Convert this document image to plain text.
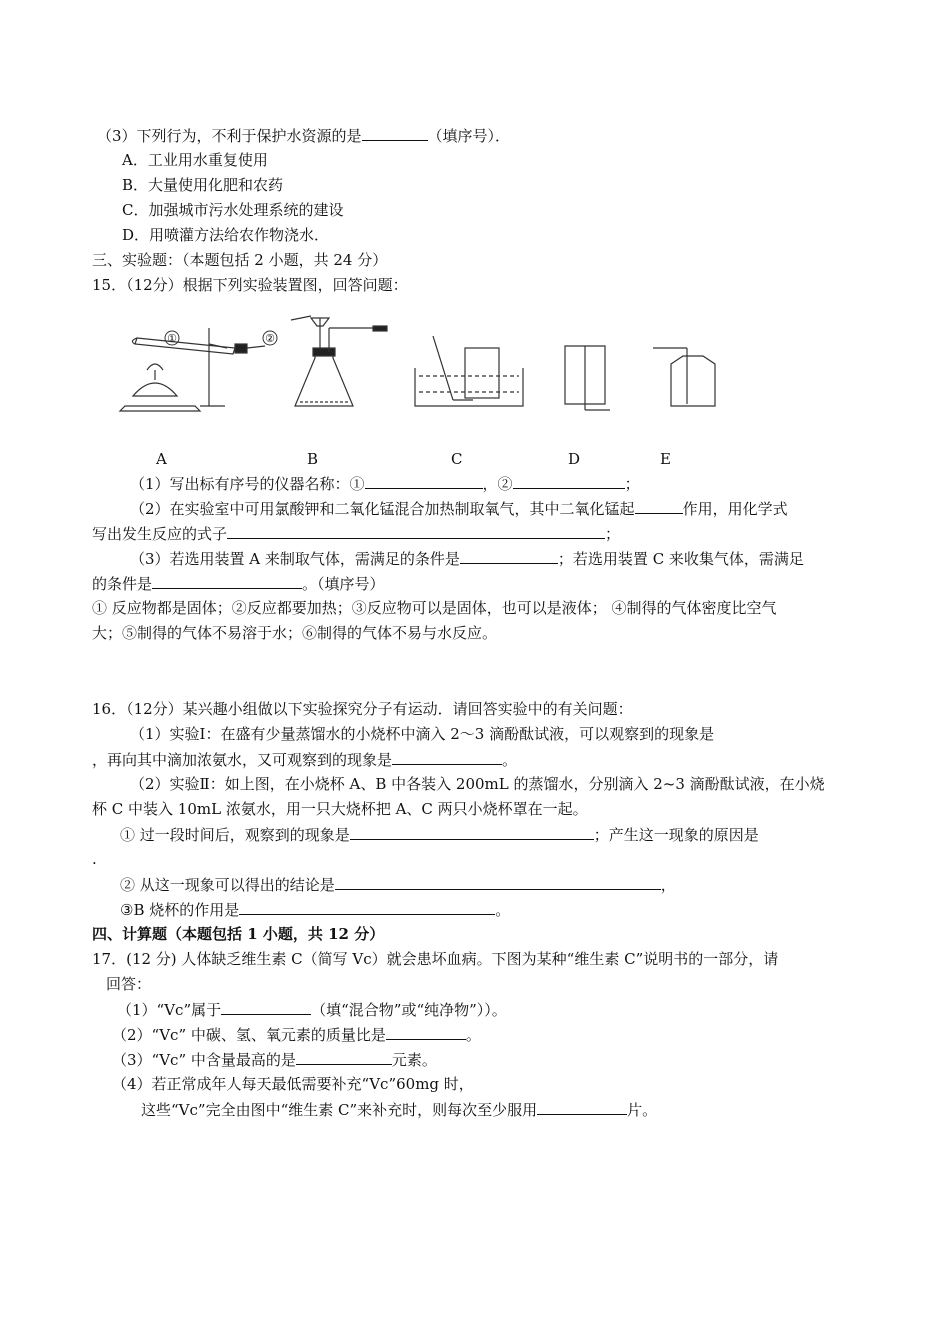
（3）下列行为，不利于保护水资源的是	（填序号）．
A．工业用水重复使用
B．大量使用化肥和农药
C．加强城市污水处理系统的建设
D．用喷灌方法给农作物浇水．
三、实验题：（本题包括 2 小题，共 24 分）
15．（12分）根据下列实验装置图，回答问题：
①	②
A	B	C	D	E
（1）写出标有序号的仪器名称：①	，②	；
（2）在实验室中可用氯酸钾和二氧化锰混合加热制取氧气，其中二氧化锰起	作用，用化学式
写出发生反应的式子	；
（3）若选用装置 A 来制取气体，需满足的条件是	；若选用装置 C 来收集气体，需满足
的条件是	。（填序号）
① 反应物都是固体；②反应都要加热；③反应物可以是固体，也可以是液体； ④制得的气体密度比空气
大；⑤制得的气体不易溶于水；⑥制得的气体不易与水反应。
16．（12分）某兴趣小组做以下实验探究分子有运动．请回答实验中的有关问题：
（1）实验Ⅰ：在盛有少量蒸馏水的小烧杯中滴入 2～3 滴酚酞试液，可以观察到的现象是
，再向其中滴加浓氨水，又可观察到的现象是	。
（2）实验Ⅱ：如上图，在小烧杯 A、B 中各装入 200mL 的蒸馏水，分别滴入 2~3 滴酚酞试液，在小烧
杯 C 中装入 10mL 浓氨水，用一只大烧杯把 A、C 两只小烧杯罩在一起。
① 过一段时间后，观察到的现象是	；产生这一现象的原因是
.
② 从这一现象可以得出的结论是	，
③B 烧杯的作用是	。
四、计算题（本题包括 1 小题，共 12 分）
17．(12 分) 人体缺乏维生素 C（简写 Vc）就会患坏血病。下图为某种“维生素 C”说明书的一部分，请
回答：
（1）“Vc”属于	（填“混合物”或“纯净物”））。
（2）“Vc” 中碳、氢、氧元素的质量比是	。
（3）“Vc” 中含量最高的是	元素。
（4）若正常成年人每天最低需要补充“Vc”60mg 时，
这些“Vc”完全由图中“维生素 C”来补充时，则每次至少服用	片。
